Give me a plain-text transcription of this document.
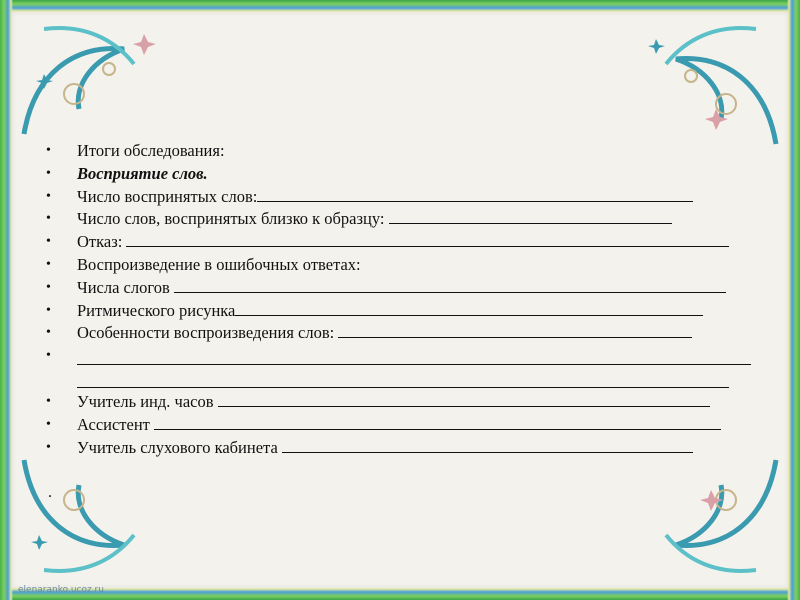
• Итоги обследования:
• Восприятие слов.
• Число воспринятых слов:
• Число слов, воспринятых близко к образцу:
• Отказ:
• Воспроизведение в ошибочных ответах:
• Числа слогов
• Ритмического рисунка
• Особенности воспроизведения слов:
•
• Учитель инд. часов
• Ассистент
• Учитель слухового кабинета
.
elenaranko.ucoz.ru
